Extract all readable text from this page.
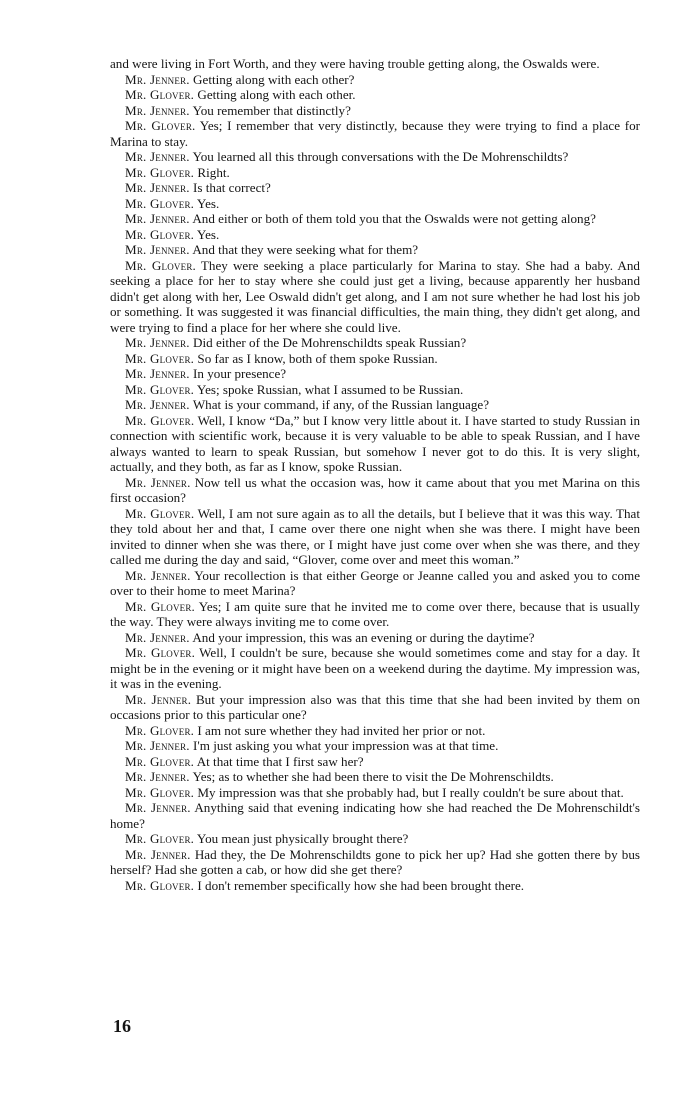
and were living in Fort Worth, and they were having trouble getting along, the Oswalds were.

Mr. Jenner. Getting along with each other?

Mr. Glover. Getting along with each other.

Mr. Jenner. You remember that distinctly?

Mr. Glover. Yes; I remember that very distinctly, because they were trying to find a place for Marina to stay.

Mr. Jenner. You learned all this through conversations with the De Mohrenschildts?

Mr. Glover. Right.

Mr. Jenner. Is that correct?

Mr. Glover. Yes.

Mr. Jenner. And either or both of them told you that the Oswalds were not getting along?

Mr. Glover. Yes.

Mr. Jenner. And that they were seeking what for them?

Mr. Glover. They were seeking a place particularly for Marina to stay. She had a baby. And seeking a place for her to stay where she could just get a living, because apparently her husband didn't get along with her, Lee Oswald didn't get along, and I am not sure whether he had lost his job or something. It was suggested it was financial difficulties, the main thing, they didn't get along, and were trying to find a place for her where she could live.

Mr. Jenner. Did either of the De Mohrenschildts speak Russian?

Mr. Glover. So far as I know, both of them spoke Russian.

Mr. Jenner. In your presence?

Mr. Glover. Yes; spoke Russian, what I assumed to be Russian.

Mr. Jenner. What is your command, if any, of the Russian language?

Mr. Glover. Well, I know “Da,” but I know very little about it. I have started to study Russian in connection with scientific work, because it is very valuable to be able to speak Russian, and I have always wanted to learn to speak Russian, but somehow I never got to do this. It is very slight, actually, and they both, as far as I know, spoke Russian.

Mr. Jenner. Now tell us what the occasion was, how it came about that you met Marina on this first occasion?

Mr. Glover. Well, I am not sure again as to all the details, but I believe that it was this way. That they told about her and that, I came over there one night when she was there. I might have been invited to dinner when she was there, or I might have just come over when she was there, and they called me during the day and said, “Glover, come over and meet this woman.”

Mr. Jenner. Your recollection is that either George or Jeanne called you and asked you to come over to their home to meet Marina?

Mr. Glover. Yes; I am quite sure that he invited me to come over there, because that is usually the way. They were always inviting me to come over.

Mr. Jenner. And your impression, this was an evening or during the daytime?

Mr. Glover. Well, I couldn't be sure, because she would sometimes come and stay for a day. It might be in the evening or it might have been on a weekend during the daytime. My impression was, it was in the evening.

Mr. Jenner. But your impression also was that this time that she had been invited by them on occasions prior to this particular one?

Mr. Glover. I am not sure whether they had invited her prior or not.

Mr. Jenner. I'm just asking you what your impression was at that time.

Mr. Glover. At that time that I first saw her?

Mr. Jenner. Yes; as to whether she had been there to visit the De Mohrenschildts.

Mr. Glover. My impression was that she probably had, but I really couldn't be sure about that.

Mr. Jenner. Anything said that evening indicating how she had reached the De Mohrenschildt's home?

Mr. Glover. You mean just physically brought there?

Mr. Jenner. Had they, the De Mohrenschildts gone to pick her up? Had she gotten there by bus herself? Had she gotten a cab, or how did she get there?

Mr. Glover. I don't remember specifically how she had been brought there.

16
